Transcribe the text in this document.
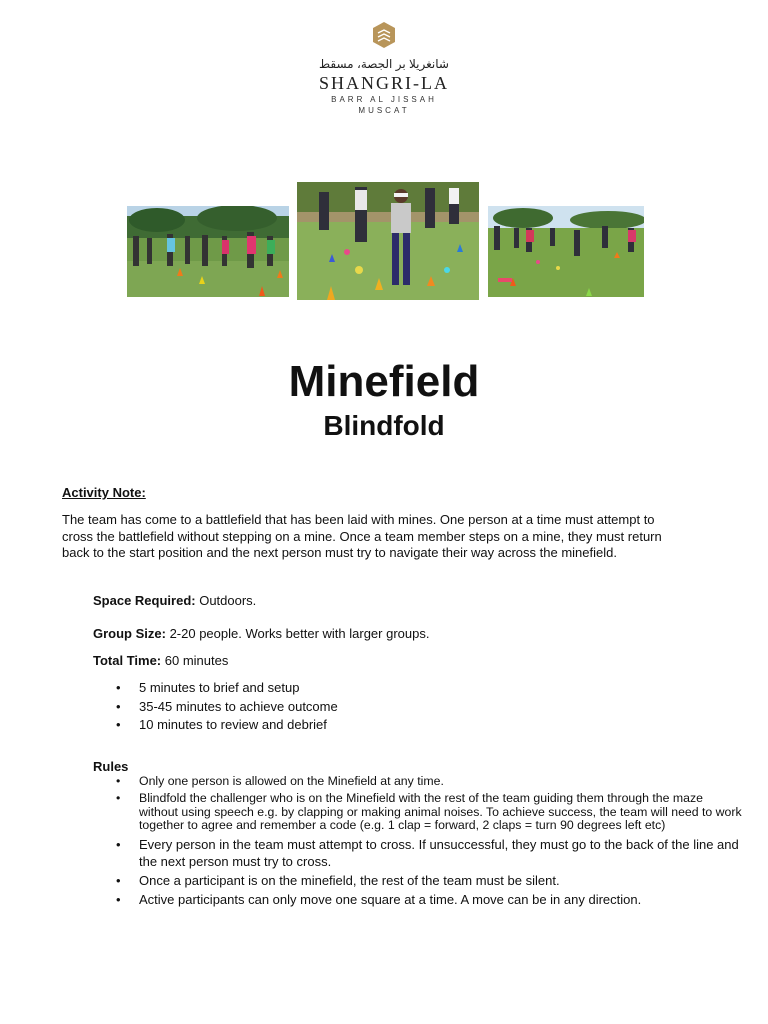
شانغريلا بر الجصة، مسقط
SHANGRI-LA
BARR AL JISSAH
MUSCAT
Minefield
Blindfold
Activity Note:
The team has come to a battlefield that has been laid with mines. One person at a time must attempt to cross the battlefield without stepping on a mine. Once a team member steps on a mine, they must return back to the start position and the next person must try to navigate their way across the minefield.
Space Required: Outdoors.
Group Size: 2-20 people. Works better with larger groups.
Total Time: 60 minutes
• 5 minutes to brief and setup
• 35-45 minutes to achieve outcome
• 10 minutes to review and debrief
Rules
• Only one person is allowed on the Minefield at any time.
• Blindfold the challenger who is on the Minefield with the rest of the team guiding them through the maze without using speech e.g. by clapping or making animal noises. To achieve success, the team will need to work together to agree and remember a code (e.g. 1 clap = forward, 2 claps = turn 90 degrees left etc)
• Every person in the team must attempt to cross. If unsuccessful, they must go to the back of the line and the next person must try to cross.
• Once a participant is on the minefield, the rest of the team must be silent.
• Active participants can only move one square at a time. A move can be in any direction.
